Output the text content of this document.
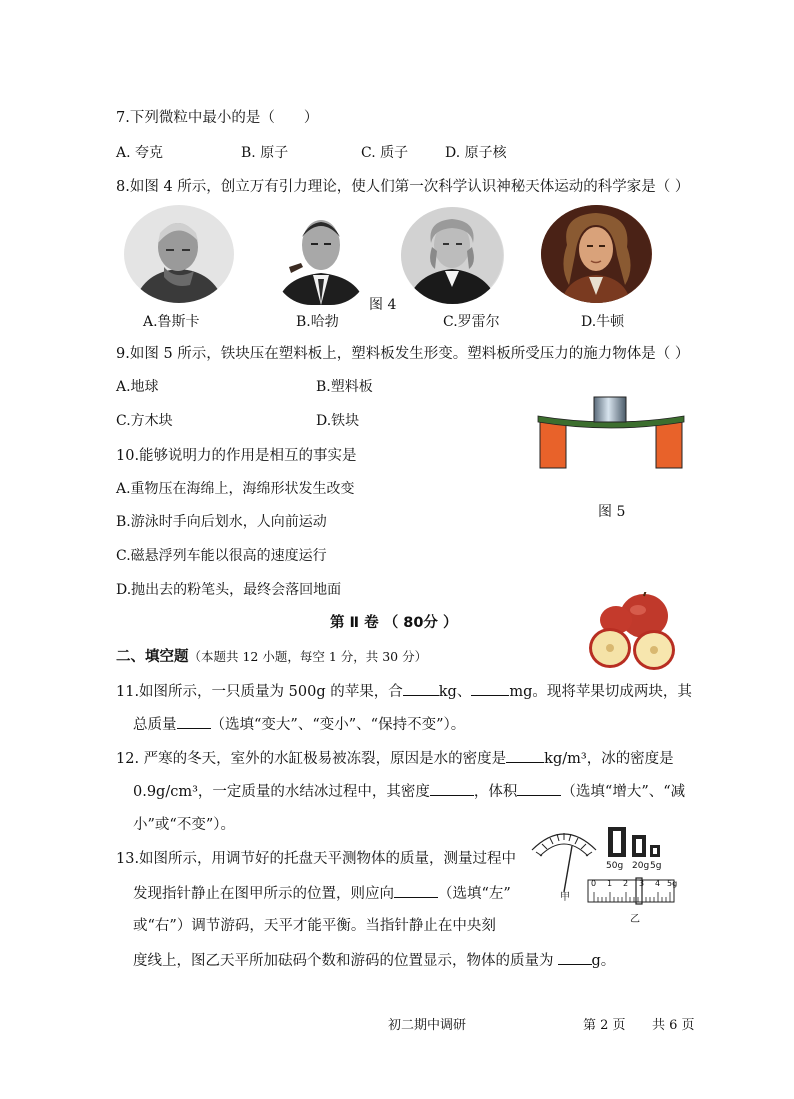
7.下列微粒中最小的是（　　）
A. 夸克	B. 原子	C. 质子	D. 原子核
8.如图 4 所示，创立万有引力理论，使人们第一次科学认识神秘天体运动的科学家是（ ）
图 4
A.鲁斯卡	B.哈勃	C.罗雷尔	D.牛顿
9.如图 5 所示，铁块压在塑料板上，塑料板发生形变。塑料板所受压力的施力物体是（ ）
A.地球	B.塑料板
C.方木块	D.铁块
图 5
10.能够说明力的作用是相互的事实是
A.重物压在海绵上，海绵形状发生改变
B.游泳时手向后划水，人向前运动
C.磁悬浮列车能以很高的速度运行
D.抛出去的粉笔头，最终会落回地面
第 Ⅱ 卷 （ 80分 ）
二、填空题（本题共 12 小题，每空 1 分，共 30 分）
11.如图所示，一只质量为 500g 的苹果，合 kg、	mg。现将苹果切成两块，其
总质量 （选填“变大”、“变小”、“保持不变”）。
12. 严寒的冬天，室外的水缸极易被冻裂，原因是水的密度是	kg/m³，冰的密度是
0.9g/cm³，一定质量的水结冰过程中，其密度	，体积	（选填“增大”、“减
小”或“不变”）。
13.如图所示，用调节好的托盘天平测物体的质量，测量过程中
发现指针静止在图甲所示的位置，则应向	（选填“左”
或“右”）调节游码，天平才能平衡。当指针静止在中央刻
度线上，图乙天平所加砝码个数和游码的位置显示，物体的质量为	g。
甲
50g 20g 5g
0 1 2 3 4 5g
乙
初二期中调研	第 2 页 共 6 页
